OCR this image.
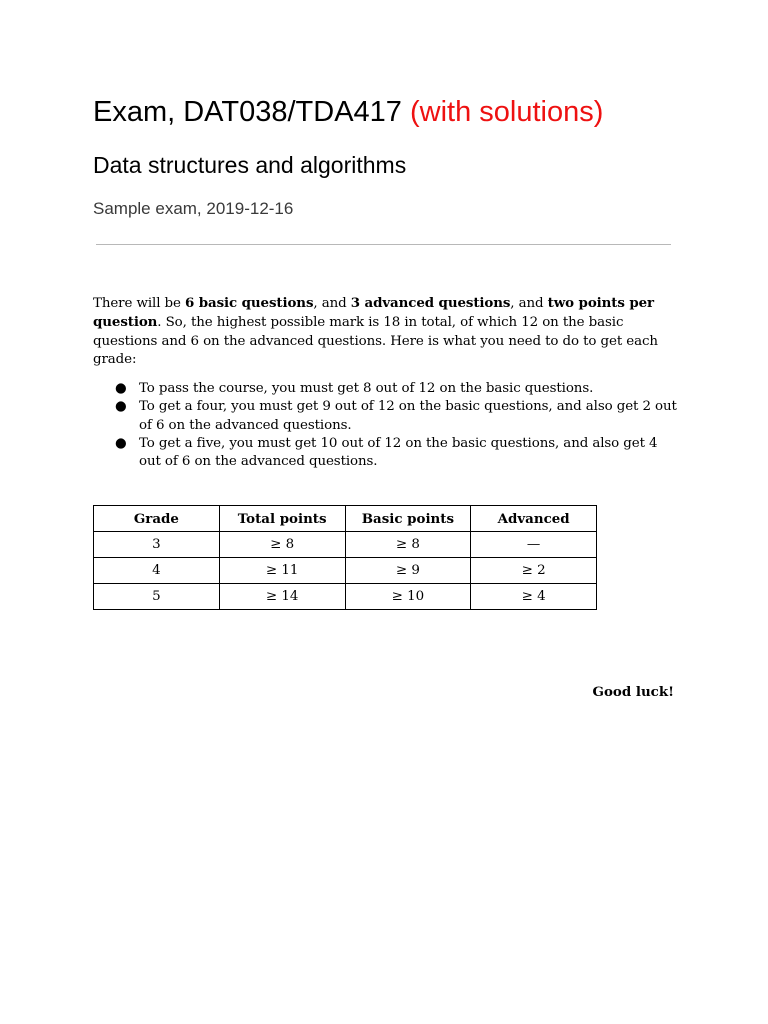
Exam, DAT038/TDA417 (with solutions)
Data structures and algorithms
Sample exam, 2019-12-16

There will be 6 basic questions, and 3 advanced questions, and two points per question. So, the highest possible mark is 18 in total, of which 12 on the basic questions and 6 on the advanced questions. Here is what you need to do to get each grade:

● To pass the course, you must get 8 out of 12 on the basic questions.
● To get a four, you must get 9 out of 12 on the basic questions, and also get 2 out of 6 on the advanced questions.
● To get a five, you must get 10 out of 12 on the basic questions, and also get 4 out of 6 on the advanced questions.
Grade	Total points	Basic points	Advanced
3	≥ 8	≥ 8	—
4	≥ 11	≥ 9	≥ 2
5	≥ 14	≥ 10	≥ 4
Good luck!
